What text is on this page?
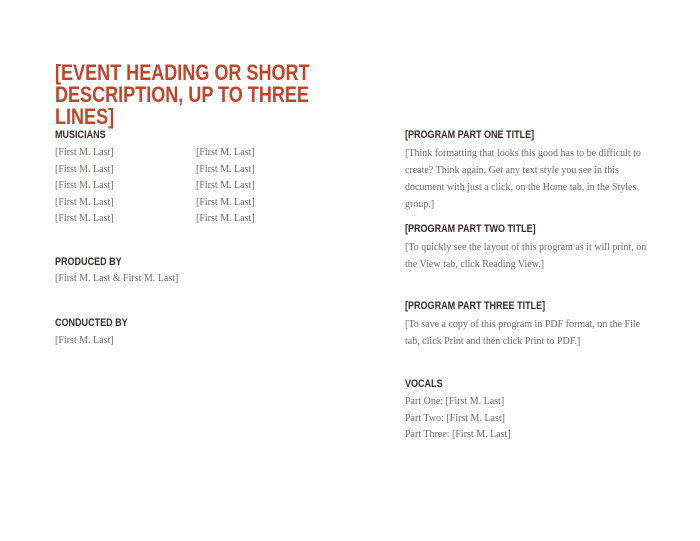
[EVENT HEADING OR SHORT DESCRIPTION, UP TO THREE LINES]

MUSICIANS
[First M. Last]
[First M. Last]
[First M. Last]
[First M. Last]
[First M. Last]
[First M. Last]
[First M. Last]
[First M. Last]
[First M. Last]
[First M. Last]
PRODUCED BY
[First M. Last & First M. Last]
CONDUCTED BY
[First M. Last]
[PROGRAM PART ONE TITLE]
[Think formatting that looks this good has to be difficult to create? Think again. Get any text style you see in this document with just a click, on the Home tab, in the Styles group.]
[PROGRAM PART TWO TITLE]
[To quickly see the layout of this program as it will print, on the View tab, click Reading View.]
[PROGRAM PART THREE TITLE]
[To save a copy of this program in PDF format, on the File tab, click Print and then click Print to PDF.]
VOCALS
Part One: [First M. Last]
Part Two: [First M. Last]
Part Three: [First M. Last]
